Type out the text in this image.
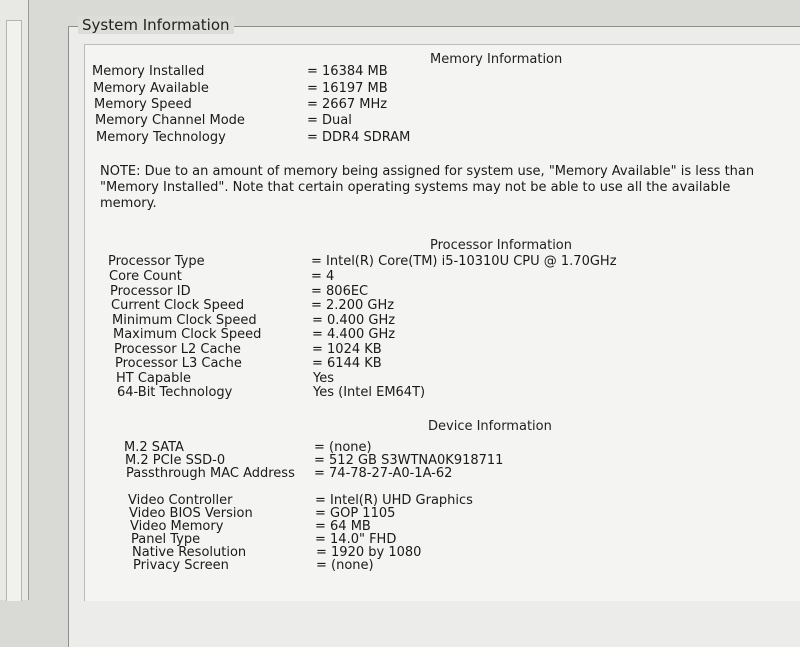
System Information
Memory Information
Memory Installed	= 16384 MB
Memory Available	= 16197 MB
Memory Speed	= 2667 MHz
Memory Channel Mode	= Dual
Memory Technology	= DDR4 SDRAM
NOTE: Due to an amount of memory being assigned for system use, "Memory Available" is less than "Memory Installed". Note that certain operating systems may not be able to use all the available memory.
Processor Information
Processor Type	= Intel(R) Core(TM) i5-10310U CPU @ 1.70GHz
Core Count	= 4
Processor ID	= 806EC
Current Clock Speed	= 2.200 GHz
Minimum Clock Speed	= 0.400 GHz
Maximum Clock Speed	= 4.400 GHz
Processor L2 Cache	= 1024 KB
Processor L3 Cache	= 6144 KB
HT Capable	Yes
64-Bit Technology	Yes (Intel EM64T)
Device Information
M.2 SATA	= (none)
M.2 PCIe SSD-0	= 512 GB S3WTNA0K918711
Passthrough MAC Address = 74-78-27-A0-1A-62
Video Controller	= Intel(R) UHD Graphics
Video BIOS Version	= GOP 1105
Video Memory	= 64 MB
Panel Type	= 14.0" FHD
Native Resolution	= 1920 by 1080
Privacy Screen	= (none)
